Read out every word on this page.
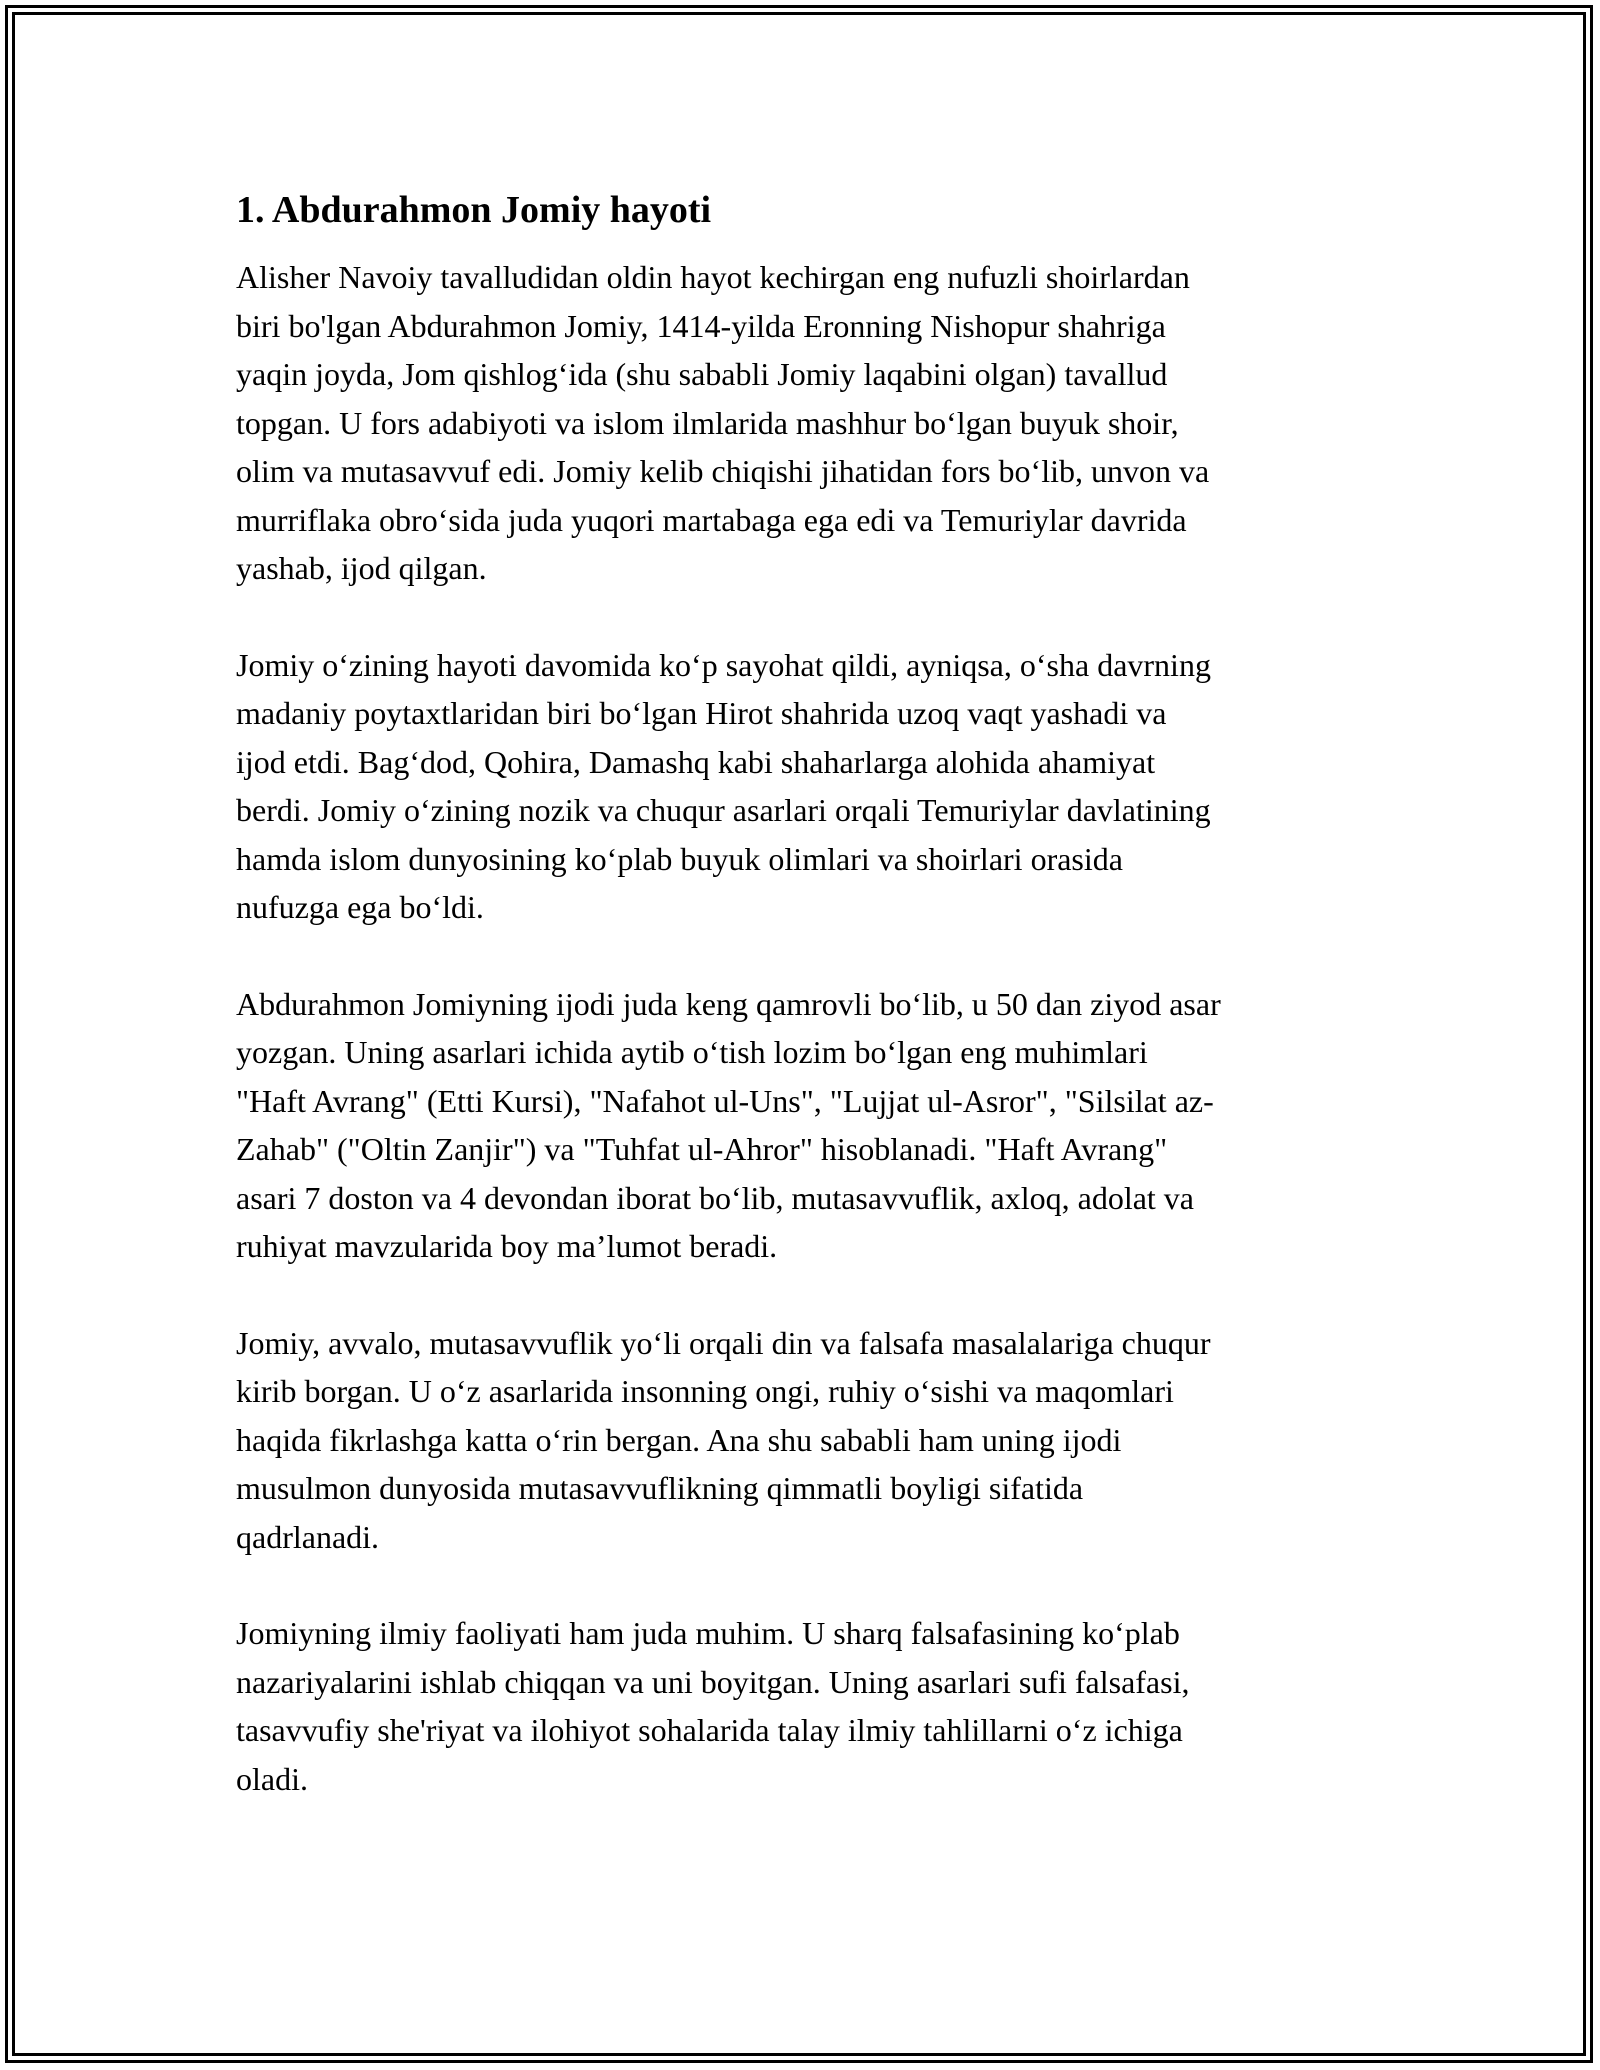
1. Abdurahmon Jomiy hayoti

Alisher Navoiy tavalludidan oldin hayot kechirgan eng nufuzli shoirlardan
biri bo'lgan Abdurahmon Jomiy, 1414-yilda Eronning Nishopur shahriga
yaqin joyda, Jom qishlog‘ida (shu sababli Jomiy laqabini olgan) tavallud
topgan. U fors adabiyoti va islom ilmlarida mashhur bo‘lgan buyuk shoir,
olim va mutasavvuf edi. Jomiy kelib chiqishi jihatidan fors bo‘lib, unvon va
murriflaka obro‘sida juda yuqori martabaga ega edi va Temuriylar davrida
yashab, ijod qilgan.

Jomiy o‘zining hayoti davomida ko‘p sayohat qildi, ayniqsa, o‘sha davrning
madaniy poytaxtlaridan biri bo‘lgan Hirot shahrida uzoq vaqt yashadi va
ijod etdi. Bag‘dod, Qohira, Damashq kabi shaharlarga alohida ahamiyat
berdi. Jomiy o‘zining nozik va chuqur asarlari orqali Temuriylar davlatining
hamda islom dunyosining ko‘plab buyuk olimlari va shoirlari orasida
nufuzga ega bo‘ldi.

Abdurahmon Jomiyning ijodi juda keng qamrovli bo‘lib, u 50 dan ziyod asar
yozgan. Uning asarlari ichida aytib o‘tish lozim bo‘lgan eng muhimlari
"Haft Avrang" (Etti Kursi), "Nafahot ul-Uns", "Lujjat ul-Asror", "Silsilat az-
Zahab" ("Oltin Zanjir") va "Tuhfat ul-Ahror" hisoblanadi. "Haft Avrang"
asari 7 doston va 4 devondan iborat bo‘lib, mutasavvuflik, axloq, adolat va
ruhiyat mavzularida boy ma’lumot beradi.

Jomiy, avvalo, mutasavvuflik yo‘li orqali din va falsafa masalalariga chuqur
kirib borgan. U o‘z asarlarida insonning ongi, ruhiy o‘sishi va maqomlari
haqida fikrlashga katta o‘rin bergan. Ana shu sababli ham uning ijodi
musulmon dunyosida mutasavvuflikning qimmatli boyligi sifatida
qadrlanadi.

Jomiyning ilmiy faoliyati ham juda muhim. U sharq falsafasining ko‘plab
nazariyalarini ishlab chiqqan va uni boyitgan. Uning asarlari sufi falsafasi,
tasavvufiy she'riyat va ilohiyot sohalarida talay ilmiy tahlillarni o‘z ichiga
oladi.
